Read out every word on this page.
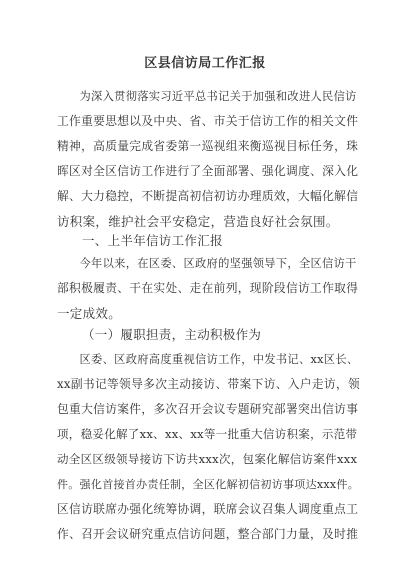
区县信访局工作汇报
为深入贯彻落实习近平总书记关于加强和改进人民信访
工作重要思想以及中央、省、市关于信访工作的相关文件
精神，高质量完成省委第一巡视组来衡巡视目标任务，珠
晖区对全区信访工作进行了全面部署、强化调度、深入化
解、大力稳控，不断提高初信初访办理质效，大幅化解信
访积案，维护社会平安稳定，营造良好社会氛围。
一、上半年信访工作汇报
今年以来，在区委、区政府的坚强领导下，全区信访干
部积极履责、干在实处、走在前列，现阶段信访工作取得
一定成效。
（一）履职担责，主动积极作为
区委、区政府高度重视信访工作，中发书记、xx区长、
xx副书记等领导多次主动接访、带案下访、入户走访，领
包重大信访案件，多次召开会议专题研究部署突出信访事
项，稳妥化解了xx、xx、xx等一批重大信访积案，示范带
动全区区级领导接访下访共xxx次，包案化解信访案件xxx
件。强化首接首办责任制，全区化解初信初访事项达xxx件。
区信访联席办强化统筹协调，联席会议召集人调度重点工
作、召开会议研究重点信访问题，整合部门力量，及时推
